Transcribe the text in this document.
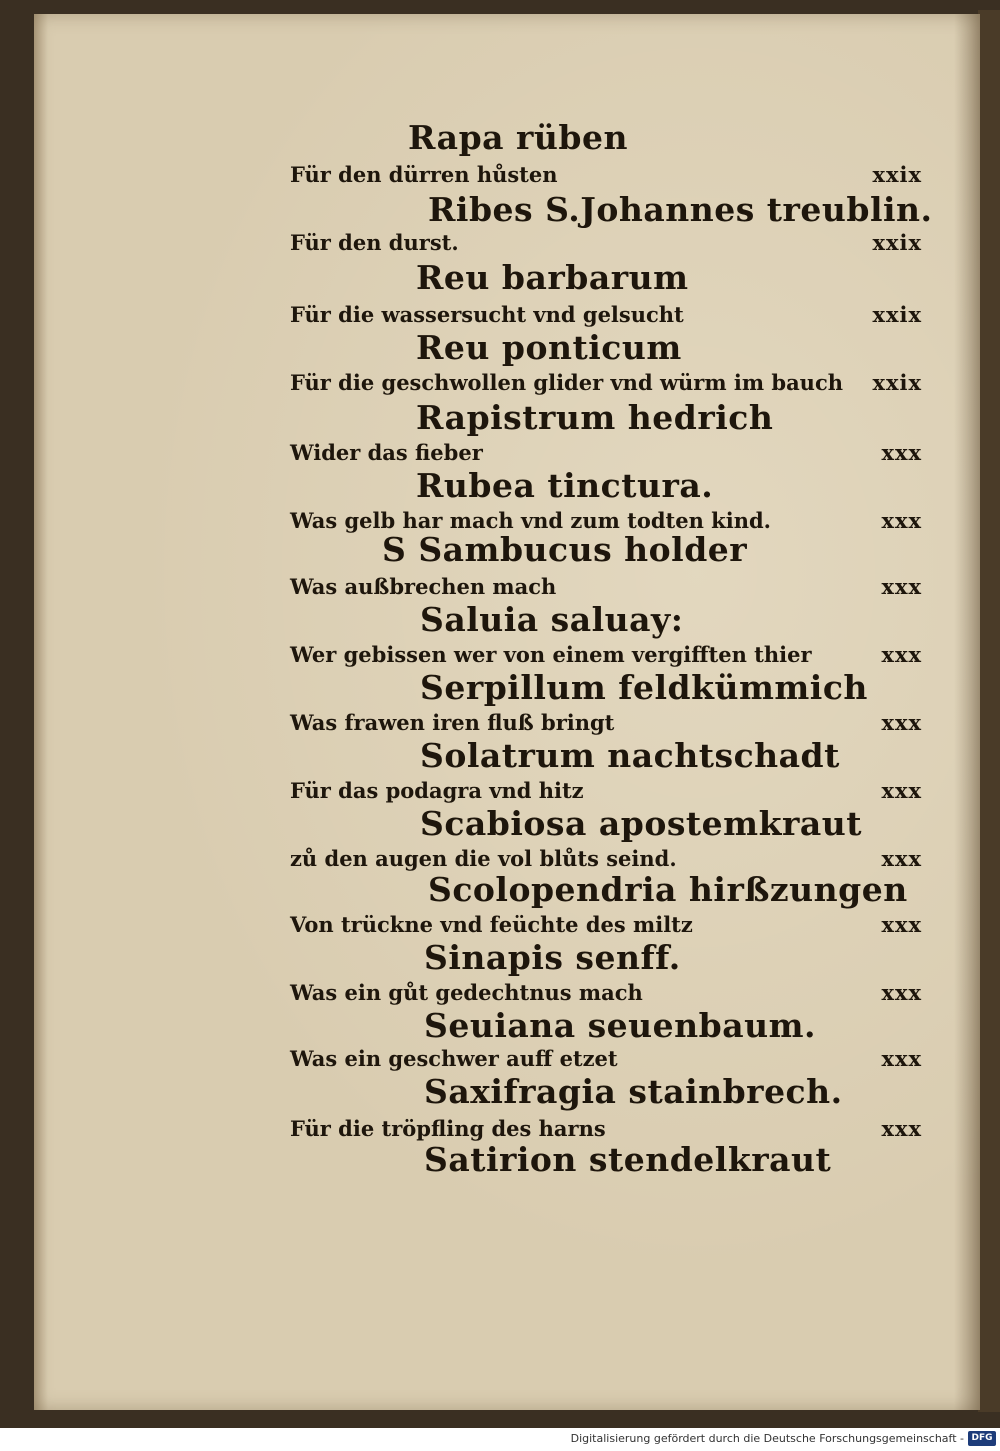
Rapa rüben
Für den dürren hůsten	xxix
Ribes S.Johannes treublin.
Für den durst.	xxix
Reu barbarum
Für die wassersucht vnd gelsucht	xxix
Reu ponticum
Für die geschwollen glider vnd würm im bauch xxix
Rapistrum hedrich
Wider das fieber	xxx
Rubea tinctura.
Was gelb har mach vnd zum todten kind.	xxx
S Sambucus holder
Was außbrechen mach	xxx
Saluia saluay:
Wer gebissen wer von einem vergifften thier	xxx
Serpillum feldkümmich
Was frawen iren fluß bringt	xxx
Solatrum nachtschadt
Für das podagra vnd hitz	xxx
Scabiosa apostemkraut
zů den augen die vol blůts seind.	xxx
Scolopendria hirßzungen
Von trückne vnd feüchte des miltz	xxx
Sinapis senff.
Was ein gůt gedechtnus mach	xxx
Seuiana seuenbaum.
Was ein geschwer auff etzet	xxx
Saxifragia stainbrech.
Für die tröpfling des harns	xxx
Satirion stendelkraut
Digitalisierung gefördert durch die Deutsche Forschungsgemeinschaft - DFG
